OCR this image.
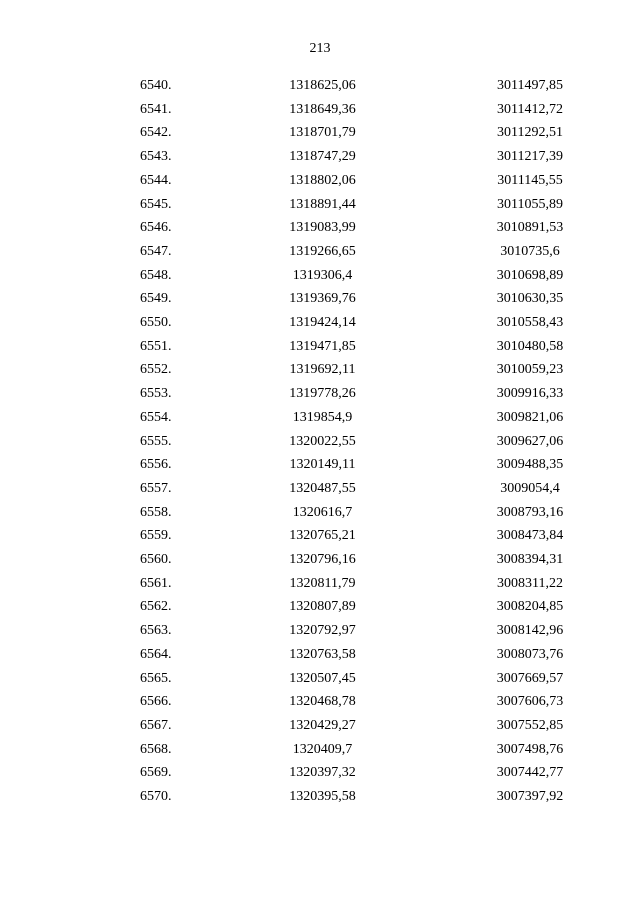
213
6540.	1318625,06	3011497,85
6541.	1318649,36	3011412,72
6542.	1318701,79	3011292,51
6543.	1318747,29	3011217,39
6544.	1318802,06	3011145,55
6545.	1318891,44	3011055,89
6546.	1319083,99	3010891,53
6547.	1319266,65	3010735,6
6548.	1319306,4	3010698,89
6549.	1319369,76	3010630,35
6550.	1319424,14	3010558,43
6551.	1319471,85	3010480,58
6552.	1319692,11	3010059,23
6553.	1319778,26	3009916,33
6554.	1319854,9	3009821,06
6555.	1320022,55	3009627,06
6556.	1320149,11	3009488,35
6557.	1320487,55	3009054,4
6558.	1320616,7	3008793,16
6559.	1320765,21	3008473,84
6560.	1320796,16	3008394,31
6561.	1320811,79	3008311,22
6562.	1320807,89	3008204,85
6563.	1320792,97	3008142,96
6564.	1320763,58	3008073,76
6565.	1320507,45	3007669,57
6566.	1320468,78	3007606,73
6567.	1320429,27	3007552,85
6568.	1320409,7	3007498,76
6569.	1320397,32	3007442,77
6570.	1320395,58	3007397,92
